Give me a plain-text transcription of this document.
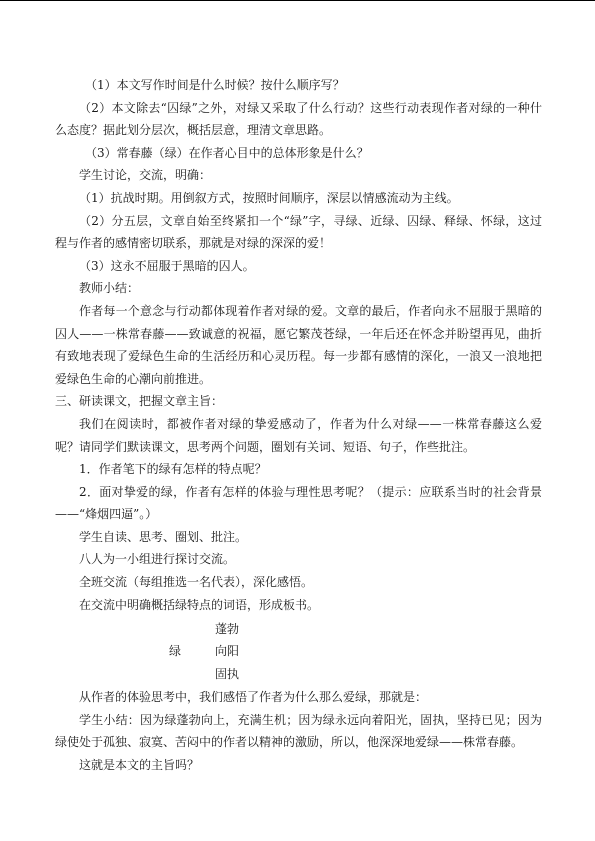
（1）本文写作时间是什么时候？按什么顺序写？

（2）本文除去“囚绿”之外，对绿又采取了什么行动？这些行动表现作者对绿的一种什么态度？据此划分层次，概括层意，理清文章思路。

（3）常春藤（绿）在作者心目中的总体形象是什么？

学生讨论，交流，明确：

（1）抗战时期。用倒叙方式，按照时间顺序，深层以情感流动为主线。

（2）分五层，文章自始至终紧扣一个“绿”字，寻绿、近绿、囚绿、释绿、怀绿，这过程与作者的感情密切联系，那就是对绿的深深的爱！

（3）这永不屈服于黑暗的囚人。

教师小结：

作者每一个意念与行动都体现着作者对绿的爱。文章的最后，作者向永不屈服于黑暗的囚人——一株常春藤——致诚意的祝福，愿它繁茂苍绿，一年后还在怀念并盼望再见，曲折有致地表现了爱绿色生命的生活经历和心灵历程。每一步都有感情的深化，一浪又一浪地把爱绿色生命的心潮向前推进。

三、研读课文，把握文章主旨：

我们在阅读时，都被作者对绿的挚爱感动了，作者为什么对绿——一株常春藤这么爱呢？请同学们默读课文，思考两个问题，圈划有关词、短语、句子，作些批注。

1．作者笔下的绿有怎样的特点呢？

2．面对挚爱的绿，作者有怎样的体验与理性思考呢？（提示：应联系当时的社会背景——“烽烟四逼”。）

学生自读、思考、圈划、批注。

八人为一小组进行探讨交流。

全班交流（每组推选一名代表），深化感悟。

在交流中明确概括绿特点的词语，形成板书。

蓬勃
绿	向阳
固执

从作者的体验思考中，我们感悟了作者为什么那么爱绿，那就是：

学生小结：因为绿蓬勃向上，充满生机；因为绿永远向着阳光，固执，坚持已见；因为绿使处于孤独、寂寞、苦闷中的作者以精神的激励，所以，他深深地爱绿——株常春藤。

这就是本文的主旨吗？
